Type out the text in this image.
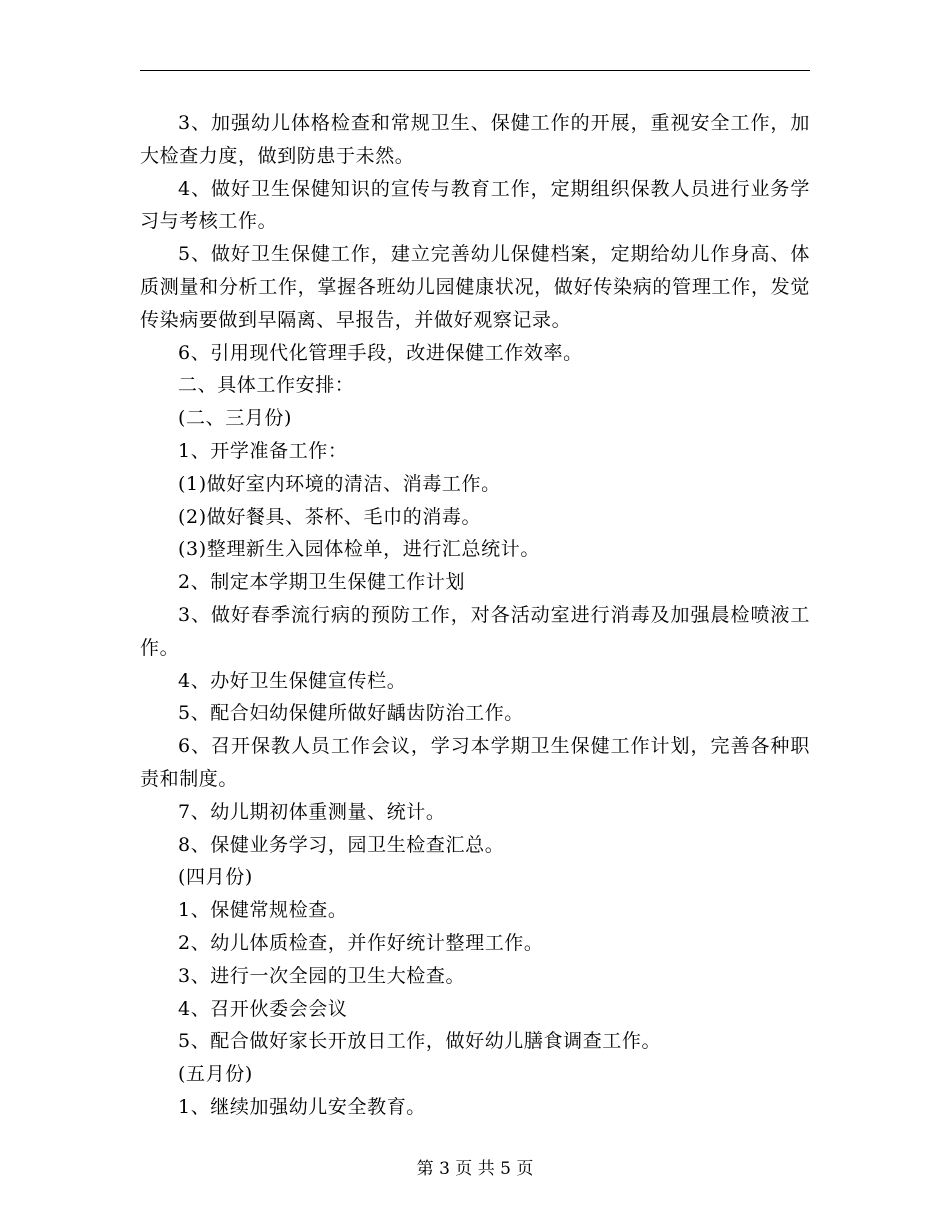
3、加强幼儿体格检查和常规卫生、保健工作的开展，重视安全工作，加大检查力度，做到防患于未然。

4、做好卫生保健知识的宣传与教育工作，定期组织保教人员进行业务学习与考核工作。

5、做好卫生保健工作，建立完善幼儿保健档案，定期给幼儿作身高、体质测量和分析工作，掌握各班幼儿园健康状况，做好传染病的管理工作，发觉传染病要做到早隔离、早报告，并做好观察记录。

6、引用现代化管理手段，改进保健工作效率。

二、具体工作安排：

(二、三月份)

1、开学准备工作：

(1)做好室内环境的清洁、消毒工作。

(2)做好餐具、茶杯、毛巾的消毒。

(3)整理新生入园体检单，进行汇总统计。

2、制定本学期卫生保健工作计划

3、做好春季流行病的预防工作，对各活动室进行消毒及加强晨检喷液工作。

4、办好卫生保健宣传栏。

5、配合妇幼保健所做好龋齿防治工作。

6、召开保教人员工作会议，学习本学期卫生保健工作计划，完善各种职责和制度。

7、幼儿期初体重测量、统计。

8、保健业务学习，园卫生检查汇总。

(四月份)

1、保健常规检查。

2、幼儿体质检查，并作好统计整理工作。

3、进行一次全园的卫生大检查。

4、召开伙委会会议

5、配合做好家长开放日工作，做好幼儿膳食调查工作。

(五月份)

1、继续加强幼儿安全教育。

第 3 页 共 5 页
